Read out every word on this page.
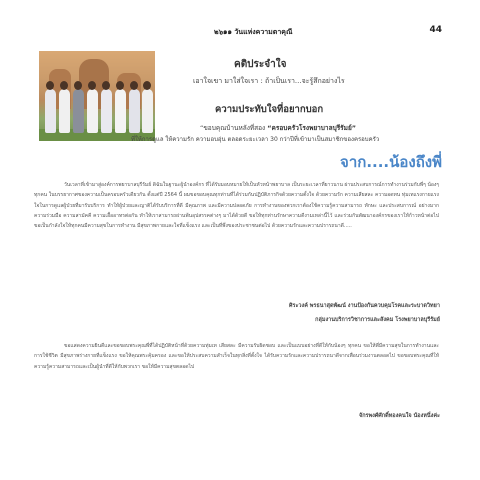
๒๖๑๑ วันแห่งความตาคุณี	44
คติประจำใจ
เอาใจเขา มาใส่ใจเรา : ถ้าเป็นเรา...จะรู้สึกอย่างไร
ความประทับใจที่อยากบอก
“ขอบคุณบ้านหลังที่สอง “ครอบครัวโรงพยาบาลบุรีรัมย์”
ที่ให้การดูแล ให้ความรัก ความอบอุ่น ตลอดระยะเวลา 30 กว่าปีที่เข้ามาเป็นสมาชิกของครอบครัว
จาก....น้องถึงพี่
วันเวลาที่เข้ามาสู่องค์การพยาบาลบุรีรัมย์ ดิฉันในฐานะผู้นำองค์กร ที่ได้รับมอบหมายให้เป็นหัวหน้าพยาบาล เป็นระยะเวลาที่ยาวนาน ผ่านประสบการณ์การทำงานร่วมกับพี่ๆ น้องๆ ทุกคน ในบรรยากาศของความเป็นครอบครัวเดียวกัน ตั้งแต่ปี 2564 นี้ ผมขอขอบคุณทุกท่านที่ได้ร่วมกันปฏิบัติภารกิจด้วยความตั้งใจ ด้วยความรัก ความเสียสละ ความอดทน ทุ่มเทแรงกายแรงใจในการดูแลผู้ป่วยที่มารับบริการ ทำให้ผู้ป่วยและญาติได้รับบริการที่ดี มีคุณภาพ และมีความปลอดภัย การทำงานของพวกเราต้องใช้ความรู้ความสามารถ ทักษะ และประสบการณ์ อย่างมาก ความร่วมมือ ความสามัคคี ความเอื้ออาทรต่อกัน ทำให้เราสามารถผ่านพ้นอุปสรรคต่างๆ มาได้ด้วยดี ขอให้ทุกท่านรักษาความดีงามเหล่านี้ไว้ และร่วมกันพัฒนาองค์กรของเราให้ก้าวหน้าต่อไป ขอเป็นกำลังใจให้ทุกคนมีความสุขในการทำงาน มีสุขภาพกายและใจที่แข็งแรง และเป็นที่พึ่งของประชาชนต่อไป ด้วยความรักและความปรารถนาดี.....
ศิระวงค์ พรธนาสุดพัฒน์ งานป้องกันควบคุมโรคและระบาดวิทยา
กลุ่มงานบริการวิชาการและสังคม โรงพยาบาลบุรีรัมย์
ขอแสดงความยินดีและขอขอบพระคุณพี่ที่ได้ปฏิบัติหน้าที่ด้วยความทุ่มเท เสียสละ มีความรับผิดชอบ และเป็นแบบอย่างที่ดีให้กับน้องๆ ทุกคน ขอให้พี่มีความสุขในการทำงานและการใช้ชีวิต มีสุขภาพร่างกายที่แข็งแรง ขอให้คุณพระคุ้มครอง และขอให้ประสบความสำเร็จในทุกสิ่งที่ตั้งใจ ได้รับความรักและความปรารถนาดีจากเพื่อนร่วมงานตลอดไป ขอขอบพระคุณที่ให้ความรู้ความสามารถและเป็นผู้นำที่ดีให้กับพวกเรา ขอให้มีความสุขตลอดไป
จักรพงศ์ศักดิ์ทองคนใจ น้องหนึ่งค่ะ
